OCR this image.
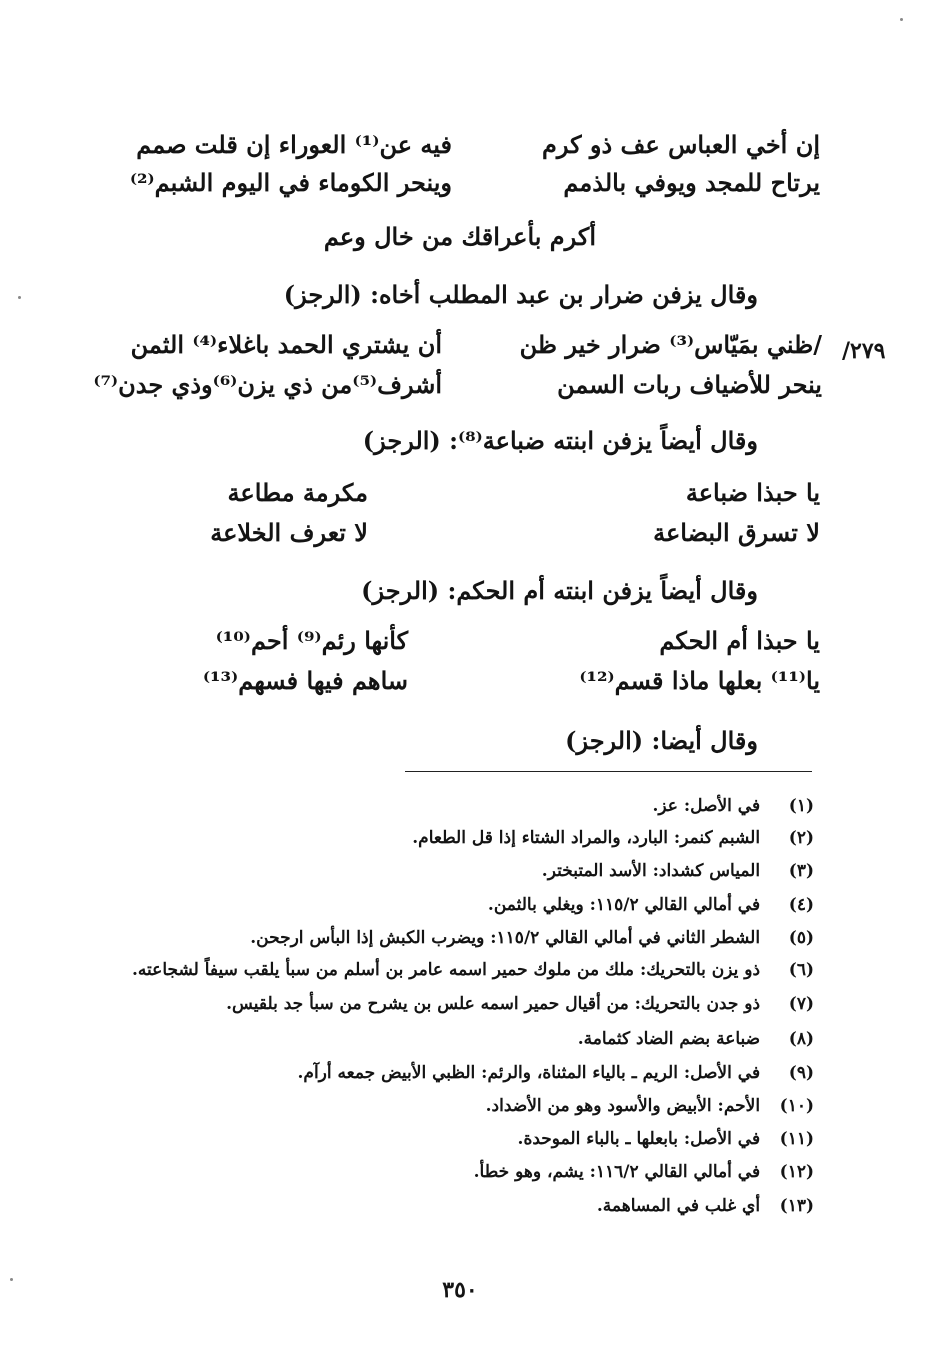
إن أخي العباس عف ذو كرم
فيه عن⁽¹⁾ العوراء إن قلت صمم
يرتاح للمجد ويوفي بالذمم
وينحر الكوماء في اليوم الشبم⁽²⁾
أكرم بأعراقك من خال وعم
وقال يزفن ضرار بن عبد المطلب أخاه: (الرجز)
/٢٧٩
/ظني بمَيّاس⁽³⁾ ضرار خير ظن
أن يشتري الحمد باغلاء⁽⁴⁾ الثمن
ينحر للأضياف ربات السمن
أشرف⁽⁵⁾من ذي يزن⁽⁶⁾وذي جدن⁽⁷⁾
وقال أيضاً يزفن ابنته ضباعة⁽⁸⁾: (الرجز)
يا حبذا ضباعة
مكرمة مطاعة
لا تسرق البضاعة
لا تعرف الخلاعة
وقال أيضاً يزفن ابنته أم الحكم: (الرجز)
يا حبذا أم الحكم
كأنها رئم⁽⁹⁾ أحم⁽¹⁰⁾
يا⁽¹¹⁾ بعلها ماذا قسم⁽¹²⁾
ساهم فيها فسهم⁽¹³⁾
وقال أيضا: (الرجز)
(١) في الأصل: عز.
(٢) الشبم كنمر: البارد، والمراد الشتاء إذا قل الطعام.
(٣) المياس كشداد: الأسد المتبختر.
(٤) في أمالي القالي ١١٥/٢: ويغلي بالثمن.
(٥) الشطر الثاني في أمالي القالي ١١٥/٢: ويضرب الكبش إذا البأس ارجحن.
(٦) ذو يزن بالتحريك: ملك من ملوك حمير اسمه عامر بن أسلم من سبأ يلقب سيفاً لشجاعته.
(٧) ذو جدن بالتحريك: من أقيال حمير اسمه علس بن يشرح من سبأ جد بلقيس.
(٨) ضباعة بضم الضاد كثمامة.
(٩) في الأصل: الريم ـ بالياء المثناة، والرئم: الظبي الأبيض جمعه أرآم.
(١٠) الأحم: الأبيض والأسود وهو من الأضداد.
(١١) في الأصل: بابعلها ـ بالباء الموحدة.
(١٢) في أمالي القالي ١١٦/٢: يشم، وهو خطأ.
(١٣) أي غلب في المساهمة.
٣٥٠
